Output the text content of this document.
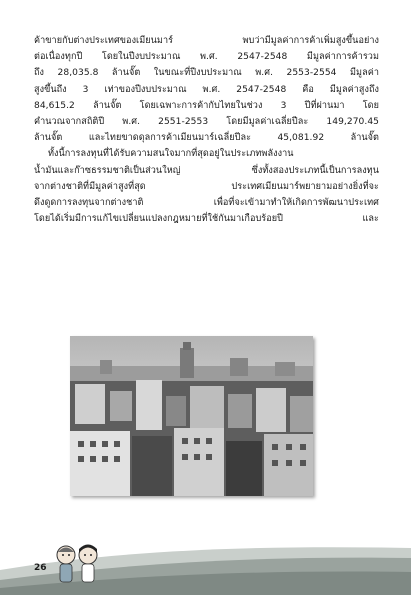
ค้าขายกับต่างประเทศของเมียนมาร์ พบว่ามีมูลค่าการค้าเพิ่มสูงขึ้นอย่าง
ต่อเนื่องทุกปี โดยในปีงบประมาณ พ.ศ. 2547-2548 มีมูลค่าการค้ารวม
ถึง 28,035.8 ล้านจั๊ต ในขณะที่ปีงบประมาณ พ.ศ. 2553-2554 มีมูลค่า
สูงขึ้นถึง 3 เท่าของปีงบประมาณ พ.ศ. 2547-2548 คือ มีมูลค่าสูงถึง
84,615.2 ล้านจั๊ต โดยเฉพาะการค้ากับไทยในช่วง 3 ปีที่ผ่านมา โดย
คำนวณจากสถิติปี พ.ศ. 2551-2553 โดยมีมูลค่าเฉลี่ยปีละ 149,270.45
ล้านจั๊ต และไทยขาดดุลการค้าเมียนมาร์เฉลี่ยปีละ 45,081.92 ล้านจั๊ต
ทั้งนี้การลงทุนที่ได้รับความสนใจมากที่สุดอยู่ในประเภทพลังงาน
น้ำมันและก๊าซธรรมชาติเป็นส่วนใหญ่ ซึ่งทั้งสองประเภทนี้เป็นการลงทุน
จากต่างชาติที่มีมูลค่าสูงที่สุด ประเทศเมียนมาร์พยายามอย่างยิ่งที่จะ
ดึงดูดการลงทุนจากต่างชาติ เพื่อที่จะเข้ามาทำให้เกิดการพัฒนาประเทศ
โดยได้เริ่มมีการแก้ไขเปลี่ยนแปลงกฎหมายที่ใช้กันมาเกือบร้อยปี และ
26
